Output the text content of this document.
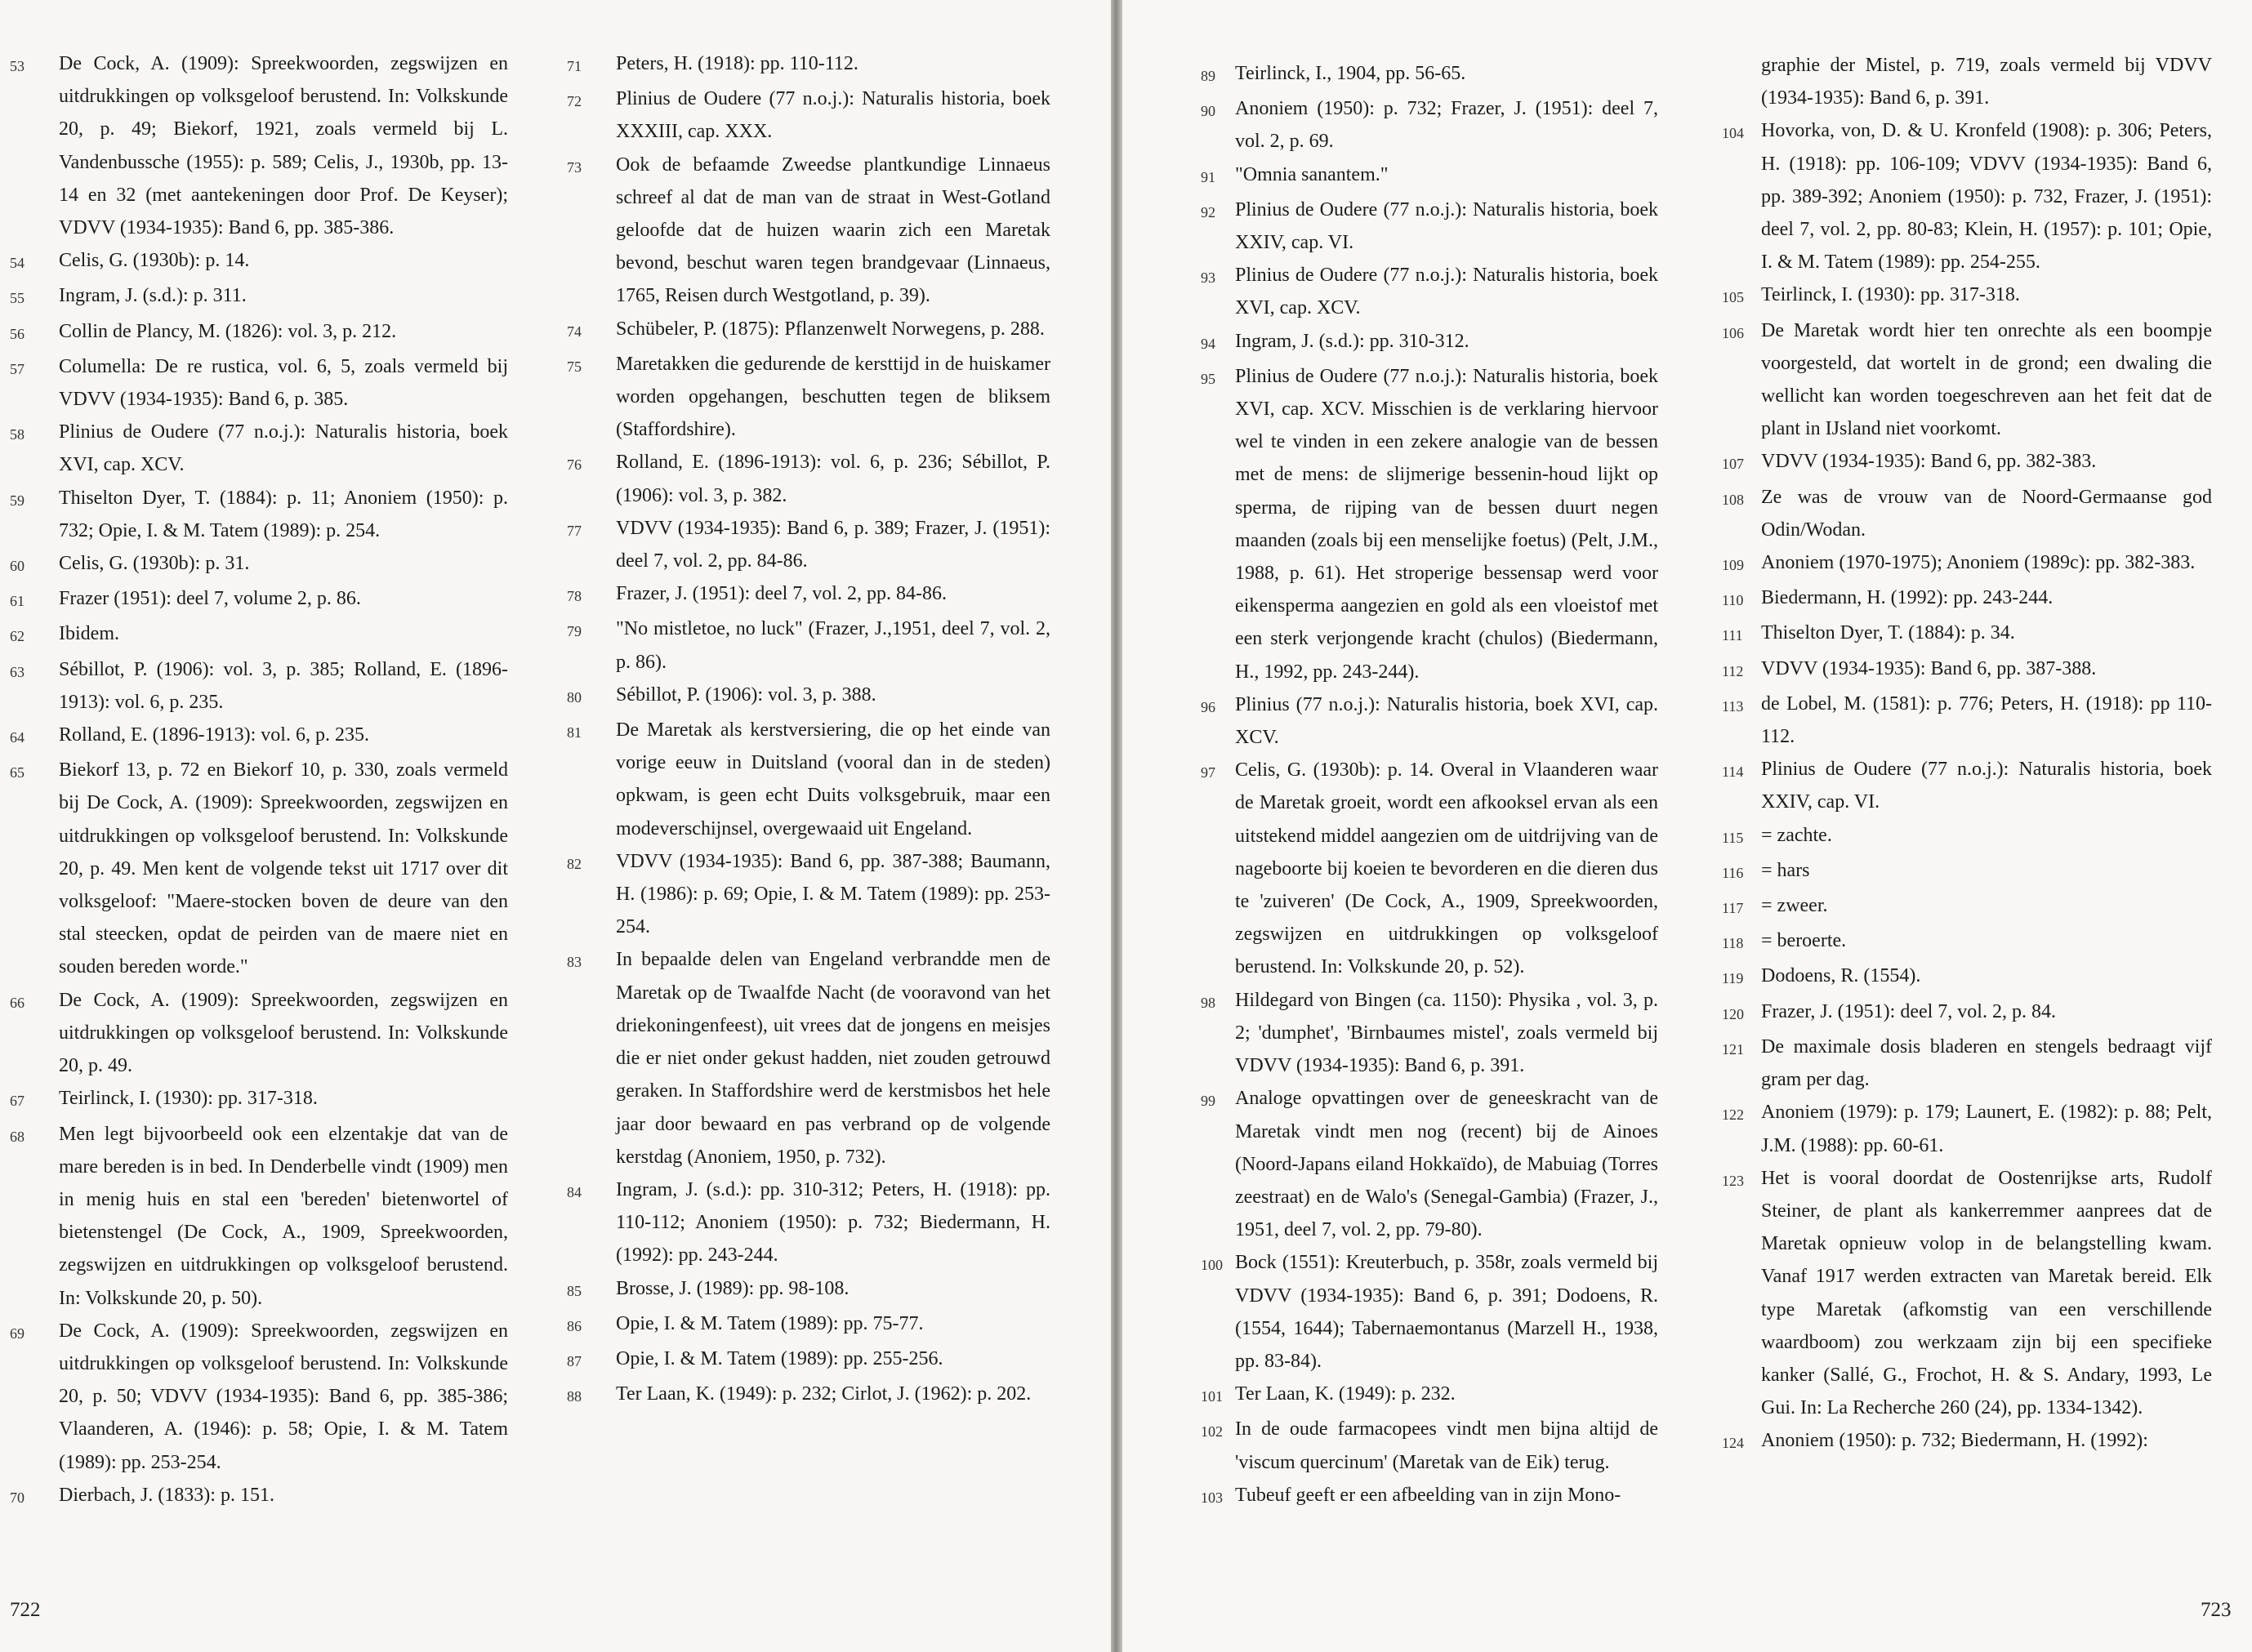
53	De Cock, A. (1909): Spreekwoorden, zegswijzen en uitdrukkingen op volksgeloof berustend. In: Volkskunde 20, p. 49; Biekorf, 1921, zoals vermeld bij L. Vandenbussche (1955): p. 589; Celis, J., 1930b, pp. 13-14 en 32 (met aantekeningen door Prof. De Keyser); VDVV (1934-1935): Band 6, pp. 385-386.
54	Celis, G. (1930b): p. 14.
55	Ingram, J. (s.d.): p. 311.
56	Collin de Plancy, M. (1826): vol. 3, p. 212.
57	Columella: De re rustica, vol. 6, 5, zoals vermeld bij VDVV (1934-1935): Band 6, p. 385.
58	Plinius de Oudere (77 n.o.j.): Naturalis historia, boek XVI, cap. XCV.
59	Thiselton Dyer, T. (1884): p. 11; Anoniem (1950): p. 732; Opie, I. & M. Tatem (1989): p. 254.
60	Celis, G. (1930b): p. 31.
61	Frazer (1951): deel 7, volume 2, p. 86.
62	Ibidem.
63	Sébillot, P. (1906): vol. 3, p. 385; Rolland, E. (1896-1913): vol. 6, p. 235.
64	Rolland, E. (1896-1913): vol. 6, p. 235.
65	Biekorf 13, p. 72 en Biekorf 10, p. 330, zoals vermeld bij De Cock, A. (1909): Spreekwoorden, zegswijzen en uitdrukkingen op volksgeloof berustend. In: Volkskunde 20, p. 49. Men kent de volgende tekst uit 1717 over dit volksgeloof: "Maere-stocken boven de deure van den stal steecken, opdat de peirden van de maere niet en souden bereden worde."
66	De Cock, A. (1909): Spreekwoorden, zegswijzen en uitdrukkingen op volksgeloof berustend. In: Volkskunde 20, p. 49.
67	Teirlinck, I. (1930): pp. 317-318.
68	Men legt bijvoorbeeld ook een elzentakje dat van de mare bereden is in bed. In Denderbelle vindt (1909) men in menig huis en stal een 'bereden' bietenwortel of bietenstengel (De Cock, A., 1909, Spreekwoorden, zegswijzen en uitdrukkingen op volksgeloof berustend. In: Volkskunde 20, p. 50).
69	De Cock, A. (1909): Spreekwoorden, zegswijzen en uitdrukkingen op volksgeloof berustend. In: Volkskunde 20, p. 50; VDVV (1934-1935): Band 6, pp. 385-386; Vlaanderen, A. (1946): p. 58; Opie, I. & M. Tatem (1989): pp. 253-254.
70	Dierbach, J. (1833): p. 151.
71	Peters, H. (1918): pp. 110-112.
72	Plinius de Oudere (77 n.o.j.): Naturalis historia, boek XXXIII, cap. XXX.
73	Ook de befaamde Zweedse plantkundige Linnaeus schreef al dat de man van de straat in West-Gotland geloofde dat de huizen waarin zich een Maretak bevond, beschut waren tegen brandgevaar (Linnaeus, 1765, Reisen durch Westgotland, p. 39).
74	Schübeler, P. (1875): Pflanzenwelt Norwegens, p. 288.
75	Maretakken die gedurende de kersttijd in de huiskamer worden opgehangen, beschutten tegen de bliksem (Staffordshire).
76	Rolland, E. (1896-1913): vol. 6, p. 236; Sébillot, P. (1906): vol. 3, p. 382.
77	VDVV (1934-1935): Band 6, p. 389; Frazer, J. (1951): deel 7, vol. 2, pp. 84-86.
78	Frazer, J. (1951): deel 7, vol. 2, pp. 84-86.
79	"No mistletoe, no luck" (Frazer, J.,1951, deel 7, vol. 2, p. 86).
80	Sébillot, P. (1906): vol. 3, p. 388.
81	De Maretak als kerstversiering, die op het einde van vorige eeuw in Duitsland (vooral dan in de steden) opkwam, is geen echt Duits volksgebruik, maar een modeverschijnsel, overgewaaid uit Engeland.
82	VDVV (1934-1935): Band 6, pp. 387-388; Baumann, H. (1986): p. 69; Opie, I. & M. Tatem (1989): pp. 253-254.
83	In bepaalde delen van Engeland verbrandde men de Maretak op de Twaalfde Nacht (de vooravond van het driekoningenfeest), uit vrees dat de jongens en meisjes die er niet onder gekust hadden, niet zouden getrouwd geraken. In Staffordshire werd de kerstmisbos het hele jaar door bewaard en pas verbrand op de volgende kerstdag (Anoniem, 1950, p. 732).
84	Ingram, J. (s.d.): pp. 310-312; Peters, H. (1918): pp. 110-112; Anoniem (1950): p. 732; Biedermann, H. (1992): pp. 243-244.
85	Brosse, J. (1989): pp. 98-108.
86	Opie, I. & M. Tatem (1989): pp. 75-77.
87	Opie, I. & M. Tatem (1989): pp. 255-256.
88	Ter Laan, K. (1949): p. 232; Cirlot, J. (1962): p. 202.
89	Teirlinck, I., 1904, pp. 56-65.
90	Anoniem (1950): p. 732; Frazer, J. (1951): deel 7, vol. 2, p. 69.
91	"Omnia sanantem."
92	Plinius de Oudere (77 n.o.j.): Naturalis historia, boek XXIV, cap. VI.
93	Plinius de Oudere (77 n.o.j.): Naturalis historia, boek XVI, cap. XCV.
94	Ingram, J. (s.d.): pp. 310-312.
95	Plinius de Oudere (77 n.o.j.): Naturalis historia, boek XVI, cap. XCV. Misschien is de verklaring hiervoor wel te vinden in een zekere analogie van de bessen met de mens: de slijmerige bessenin-houd lijkt op sperma, de rijping van de bessen duurt negen maanden (zoals bij een menselijke foetus) (Pelt, J.M., 1988, p. 61). Het stroperige bessensap werd voor eikensperma aangezien en gold als een vloeistof met een sterk verjongende kracht (chulos) (Biedermann, H., 1992, pp. 243-244).
96	Plinius (77 n.o.j.): Naturalis historia, boek XVI, cap. XCV.
97	Celis, G. (1930b): p. 14. Overal in Vlaanderen waar de Maretak groeit, wordt een afkooksel ervan als een uitstekend middel aangezien om de uitdrijving van de nageboorte bij koeien te bevorderen en die dieren dus te 'zuiveren' (De Cock, A., 1909, Spreekwoorden, zegswijzen en uitdrukkingen op volksgeloof berustend. In: Volkskunde 20, p. 52).
98	Hildegard von Bingen (ca. 1150): Physika , vol. 3, p. 2; 'dumphet', 'Birnbaumes mistel', zoals vermeld bij VDVV (1934-1935): Band 6, p. 391.
99	Analoge opvattingen over de geneeskracht van de Maretak vindt men nog (recent) bij de Ainoes (Noord-Japans eiland Hokkaïdo), de Mabuiag (Torres zeestraat) en de Walo's (Senegal-Gambia) (Frazer, J., 1951, deel 7, vol. 2, pp. 79-80).
100 Bock (1551): Kreuterbuch, p. 358r, zoals vermeld bij VDVV (1934-1935): Band 6, p. 391; Dodoens, R. (1554, 1644); Tabernaemontanus (Marzell H., 1938, pp. 83-84).
101 Ter Laan, K. (1949): p. 232.
102 In de oude farmacopees vindt men bijna altijd de 'viscum quercinum' (Maretak van de Eik) terug.
103 Tubeuf geeft er een afbeelding van in zijn Mono-
graphie der Mistel, p. 719, zoals vermeld bij VDVV (1934-1935): Band 6, p. 391.
104 Hovorka, von, D. & U. Kronfeld (1908): p. 306; Peters, H. (1918): pp. 106-109; VDVV (1934-1935): Band 6, pp. 389-392; Anoniem (1950): p. 732, Frazer, J. (1951): deel 7, vol. 2, pp. 80-83; Klein, H. (1957): p. 101; Opie, I. & M. Tatem (1989): pp. 254-255.
105 Teirlinck, I. (1930): pp. 317-318.
106 De Maretak wordt hier ten onrechte als een boompje voorgesteld, dat wortelt in de grond; een dwaling die wellicht kan worden toegeschreven aan het feit dat de plant in IJsland niet voorkomt.
107 VDVV (1934-1935): Band 6, pp. 382-383.
108 Ze was de vrouw van de Noord-Germaanse god Odin/Wodan.
109 Anoniem (1970-1975); Anoniem (1989c): pp. 382-383.
110 Biedermann, H. (1992): pp. 243-244.
111 Thiselton Dyer, T. (1884): p. 34.
112 VDVV (1934-1935): Band 6, pp. 387-388.
113 de Lobel, M. (1581): p. 776; Peters, H. (1918): pp 110-112.
114 Plinius de Oudere (77 n.o.j.): Naturalis historia, boek XXIV, cap. VI.
115 = zachte.
116 = hars
117 = zweer.
118 = beroerte.
119 Dodoens, R. (1554).
120 Frazer, J. (1951): deel 7, vol. 2, p. 84.
121 De maximale dosis bladeren en stengels bedraagt vijf gram per dag.
122 Anoniem (1979): p. 179; Launert, E. (1982): p. 88; Pelt, J.M. (1988): pp. 60-61.
123 Het is vooral doordat de Oostenrijkse arts, Rudolf Steiner, de plant als kankerremmer aanprees dat de Maretak opnieuw volop in de belangstelling kwam. Vanaf 1917 werden extracten van Maretak bereid. Elk type Maretak (afkomstig van een verschillende waardboom) zou werkzaam zijn bij een specifieke kanker (Sallé, G., Frochot, H. & S. Andary, 1993, Le Gui. In: La Recherche 260 (24), pp. 1334-1342).
124 Anoniem (1950): p. 732; Biedermann, H. (1992):
722	723
